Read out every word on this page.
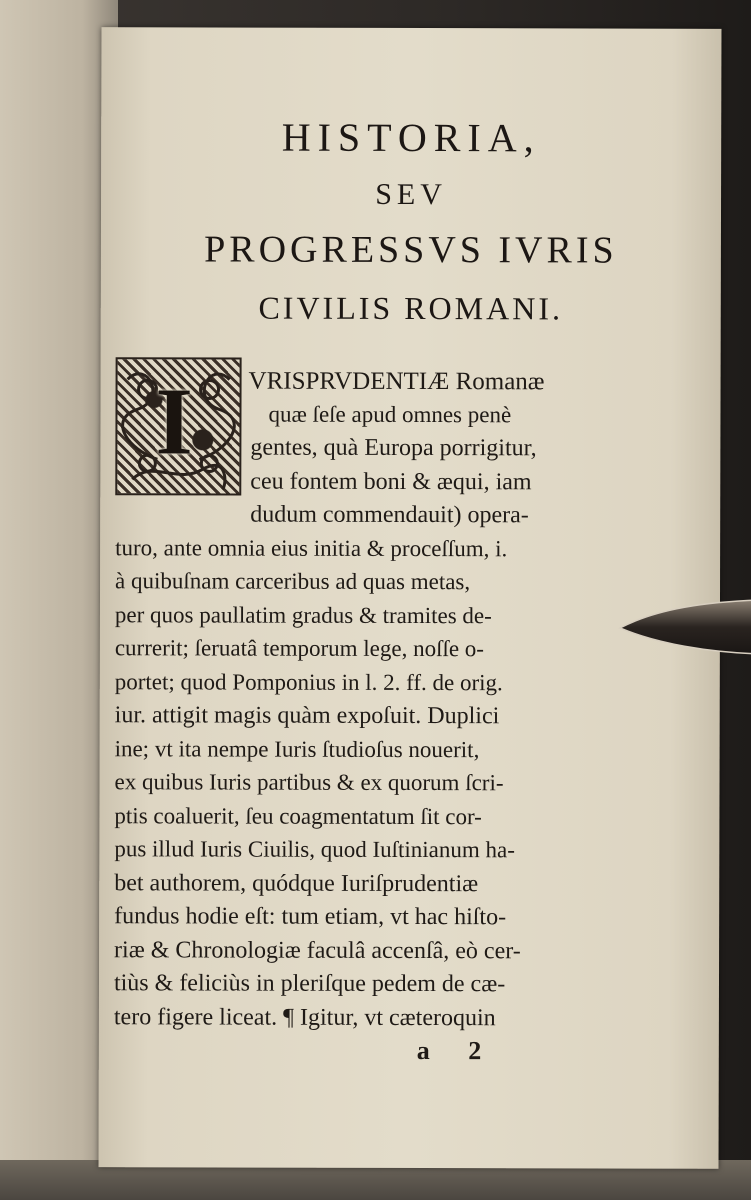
HISTORIA,
SEV
PROGRESSVS IVRIS
CIVILIS ROMANI.
I VRISPRVDENTIÆ Romanæ
quæ ſeſe apud omnes penè
gentes, quà Europa porrigitur,
ceu fontem boni & æqui, iam
dudum commendauit) opera-
turo, ante omnia eius initia & proceſſum, i.
à quibuſnam carceribus ad quas metas,
per quos paullatim gradus & tramites de-
currerit; ſeruatâ temporum lege, noſſe o-
portet; quod Pomponius in l. 2. ff. de orig.
iur. attigit magis quàm expoſuit. Duplici
ine; vt ita nempe Iuris ſtudioſus nouerit,
ex quibus Iuris partibus & ex quorum ſcri-
ptis coaluerit, ſeu coagmentatum ſit cor-
pus illud Iuris Ciuilis, quod Iuſtinianum ha-
bet authorem, quódque Iuriſprudentiæ
fundus hodie eſt: tum etiam, vt hac hiſto-
riæ & Chronologiæ faculâ accenſâ, eò cer-
tiùs & feliciùs in pleriſque pedem de cæ-
tero figere liceat. ¶ Igitur, vt cæteroquin
a 2
